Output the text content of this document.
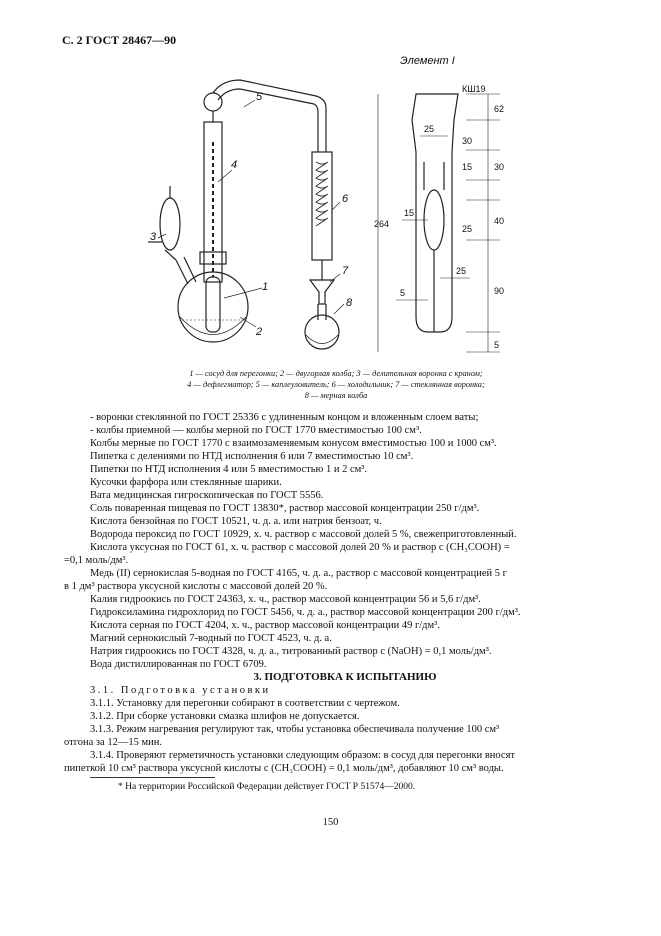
С. 2 ГОСТ 28467—90
3
4
5
1
2
6
7
8
КШ19
25
62
30
30
15
264
15
25
40
25
90
5
5
Элемент I
1 — сосуд для перегонки; 2 — двугорлая колба; 3 — делительная воронка с краном;
4 — дефлегматор; 5 — каплеуловитель; 6 — холодильник; 7 — стеклянная воронка;
8 — мерная колба

- воронки стеклянной по ГОСТ 25336 с удлиненным концом и вложенным слоем ваты;

- колбы приемной — колбы мерной по ГОСТ 1770 вместимостью 100 см³.

Колбы мерные по ГОСТ 1770 с взаимозаменяемым конусом вместимостью 100 и 1000 см³.

Пипетка с делениями по НТД исполнения 6 или 7 вместимостью 10 см³.

Пипетки по НТД исполнения 4 или 5 вместимостью 1 и 2 см³.

Кусочки фарфора или стеклянные шарики.

Вата медицинская гигроскопическая по ГОСТ 5556.

Соль поваренная пищевая по ГОСТ 13830*, раствор массовой концентрации 250 г/дм³.

Кислота бензойная по ГОСТ 10521, ч. д. а. или натрия бензоат, ч.

Водорода пероксид по ГОСТ 10929, х. ч. раствор с массовой долей 5 %, свежеприготовленный.

Кислота уксусная по ГОСТ 61, х. ч. раствор с массовой долей 20 % и раствор c (CH₃COOH) =

=0,1 моль/дм³.

Медь (II) сернокислая 5-водная по ГОСТ 4165, ч. д. а., раствор с массовой концентрацией 5 г

в 1 дм³ раствора уксусной кислоты с массовой долей 20 %.

Калия гидроокись по ГОСТ 24363, х. ч., раствор массовой концентрации 56 и 5,6 г/дм³.

Гидроксиламина гидрохлорид по ГОСТ 5456, ч. д. а., раствор массовой концентрации 200 г/дм³.

Кислота серная по ГОСТ 4204, х. ч., раствор массовой концентрации 49 г/дм³.

Магний сернокислый 7-водный по ГОСТ 4523, ч. д. а.

Натрия гидроокись по ГОСТ 4328, ч. д. а., титрованный раствор c (NaOH) = 0,1 моль/дм³.

Вода дистиллированная по ГОСТ 6709.

3. ПОДГОТОВКА К ИСПЫТАНИЮ

3.1. Подготовка установки

3.1.1. Установку для перегонки собирают в соответствии с чертежом.

3.1.2. При сборке установки смазка шлифов не допускается.

3.1.3. Режим нагревания регулируют так, чтобы установка обеспечивала получение 100 см³

отгона за 12—15 мин.

3.1.4. Проверяют герметичность установки следующим образом: в сосуд для перегонки вносят

пипеткой 10 см³ раствора уксусной кислоты c (CH₃COOH) = 0,1 моль/дм³, добавляют 10 см³ воды.

* На территории Российской Федерации действует ГОСТ Р 51574—2000.
150
